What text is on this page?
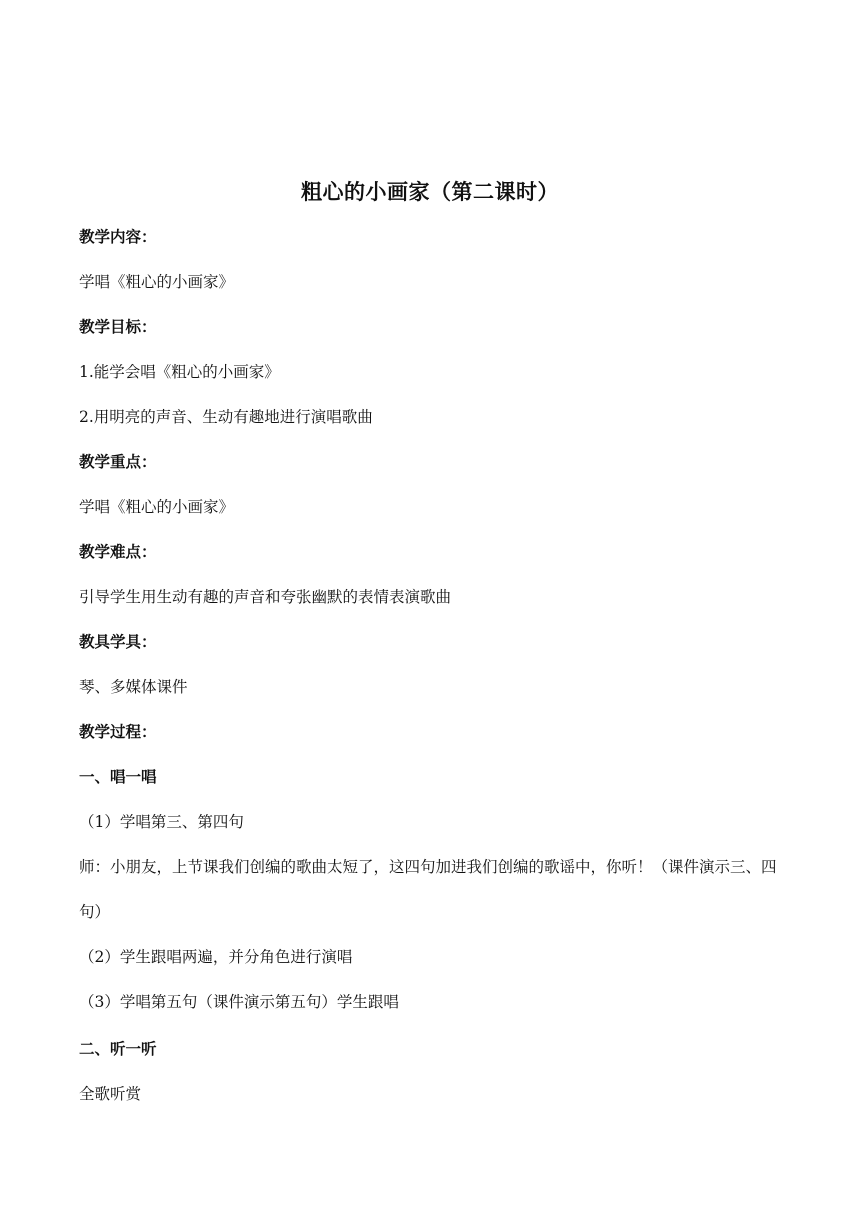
粗心的小画家（第二课时）
教学内容：
学唱《粗心的小画家》
教学目标：
1.能学会唱《粗心的小画家》
2.用明亮的声音、生动有趣地进行演唱歌曲
教学重点：
学唱《粗心的小画家》
教学难点：
引导学生用生动有趣的声音和夸张幽默的表情表演歌曲
教具学具：
琴、多媒体课件
教学过程：
一、唱一唱
（1）学唱第三、第四句
师：小朋友，上节课我们创编的歌曲太短了，这四句加进我们创编的歌谣中，你听！（课件演示三、四句）
（2）学生跟唱两遍，并分角色进行演唱
（3）学唱第五句（课件演示第五句）学生跟唱
二、听一听
全歌听赏
